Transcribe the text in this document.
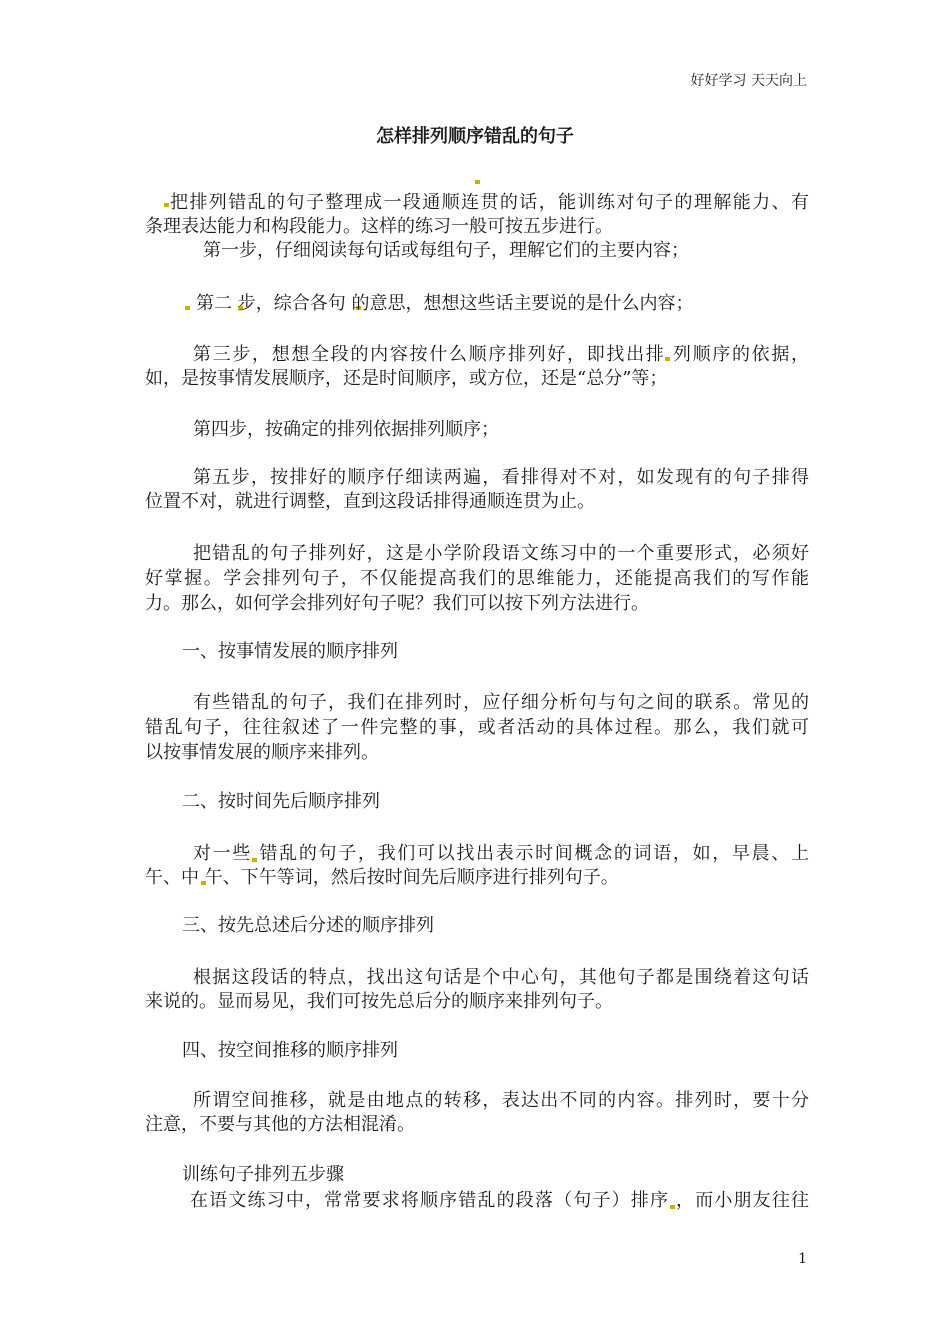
好好学习 天天向上
怎样排列顺序错乱的句子
把排列错乱的句子整理成一段通顺连贯的话，能训练对句子的理解能力、有
条理表达能力和构段能力。这样的练习一般可按五步进行。
第一步，仔细阅读每句话或每组句子，理解它们的主要内容；
第二 步，综合各句 的意思，想想这些话主要说的是什么内容；
第三步，想想全段的内容按什么顺序排列好，即找出排 列顺序的依据，
如，是按事情发展顺序，还是时间顺序，或方位，还是“总分”等；
第四步，按确定的排列依据排列顺序；
第五步，按排好的顺序仔细读两遍，看排得对不对，如发现有的句子排得
位置不对，就进行调整，直到这段话排得通顺连贯为止。
把错乱的句子排列好，这是小学阶段语文练习中的一个重要形式，必须好
好掌握。学会排列句子，不仅能提高我们的思维能力，还能提高我们的写作能
力。那么，如何学会排列好句子呢？我们可以按下列方法进行。
一、按事情发展的顺序排列
有些错乱的句子，我们在排列时，应仔细分析句与句之间的联系。常见的
错乱句子，往往叙述了一件完整的事，或者活动的具体过程。那么，我们就可
以按事情发展的顺序来排列。
二、按时间先后顺序排列
对一些 错乱的句子，我们可以找出表示时间概念的词语，如，早晨、上
午、中 午、下午等词，然后按时间先后顺序进行排列句子。
三、按先总述后分述的顺序排列
根据这段话的特点，找出这句话是个中心句，其他句子都是围绕着这句话
来说的。显而易见，我们可按先总后分的顺序来排列句子。
四、按空间推移的顺序排列
所谓空间推移，就是由地点的转移，表达出不同的内容。排列时，要十分
注意，不要与其他的方法相混淆。
训练句子排列五步骤
在语文练习中，常常要求将顺序错乱的段落（句子）排序 ，而小朋友往往
1
